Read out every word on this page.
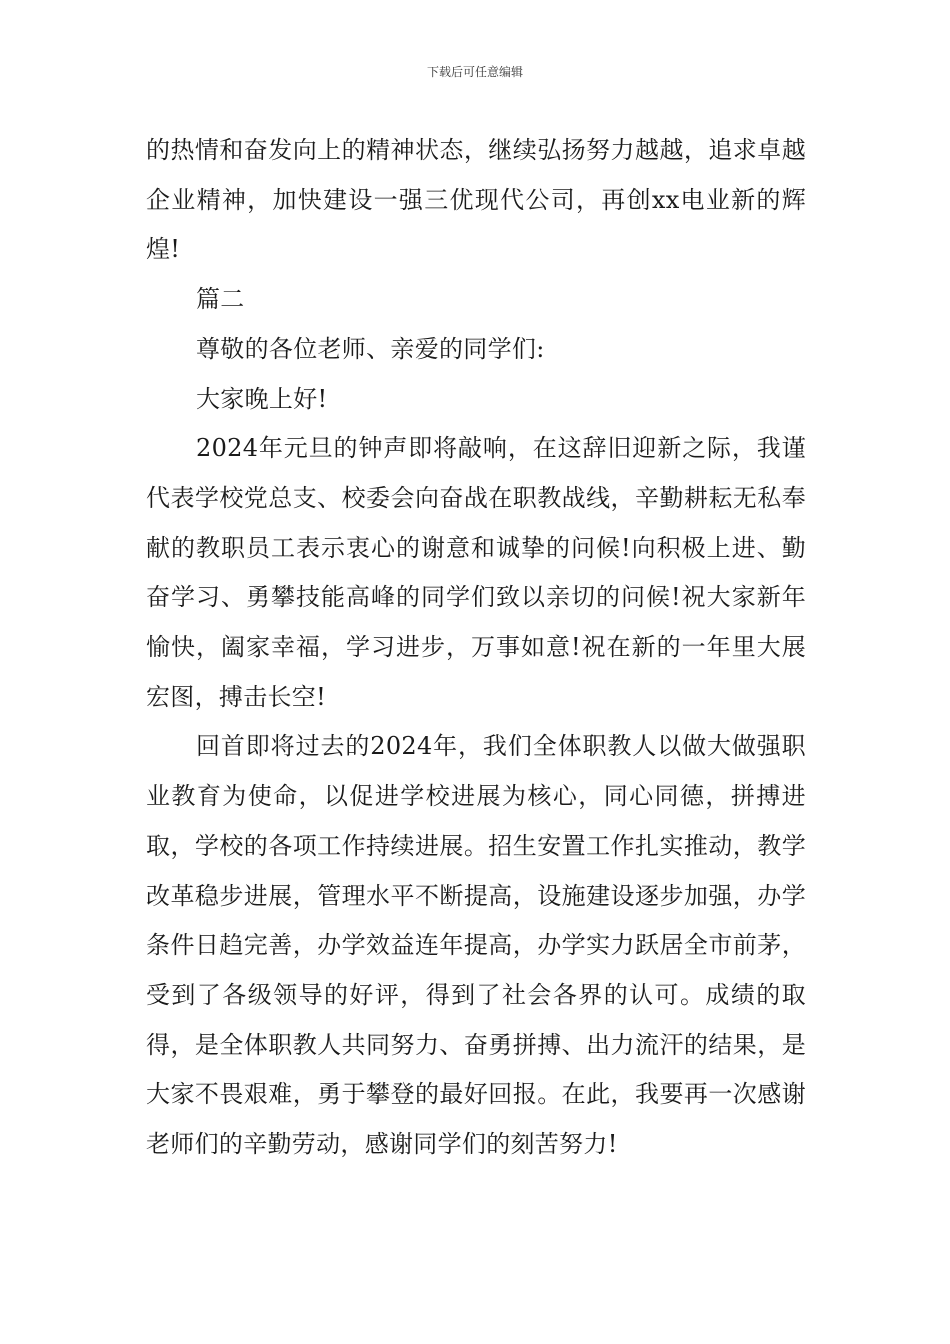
下载后可任意编辑

的热情和奋发向上的精神状态，继续弘扬努力越越，追求卓越企业精神，加快建设一强三优现代公司，再创xx电业新的辉煌!

篇二

尊敬的各位老师、亲爱的同学们:

大家晚上好!

2024年元旦的钟声即将敲响，在这辞旧迎新之际，我谨代表学校党总支、校委会向奋战在职教战线，辛勤耕耘无私奉献的教职员工表示衷心的谢意和诚挚的问候!向积极上进、勤奋学习、勇攀技能高峰的同学们致以亲切的问候!祝大家新年愉快，阖家幸福，学习进步，万事如意!祝在新的一年里大展宏图，搏击长空!

回首即将过去的2024年，我们全体职教人以做大做强职业教育为使命，以促进学校进展为核心，同心同德，拼搏进取，学校的各项工作持续进展。招生安置工作扎实推动，教学改革稳步进展，管理水平不断提高，设施建设逐步加强，办学条件日趋完善，办学效益连年提高，办学实力跃居全市前茅，受到了各级领导的好评，得到了社会各界的认可。成绩的取得，是全体职教人共同努力、奋勇拼搏、出力流汗的结果，是大家不畏艰难，勇于攀登的最好回报。在此，我要再一次感谢老师们的辛勤劳动，感谢同学们的刻苦努力!
